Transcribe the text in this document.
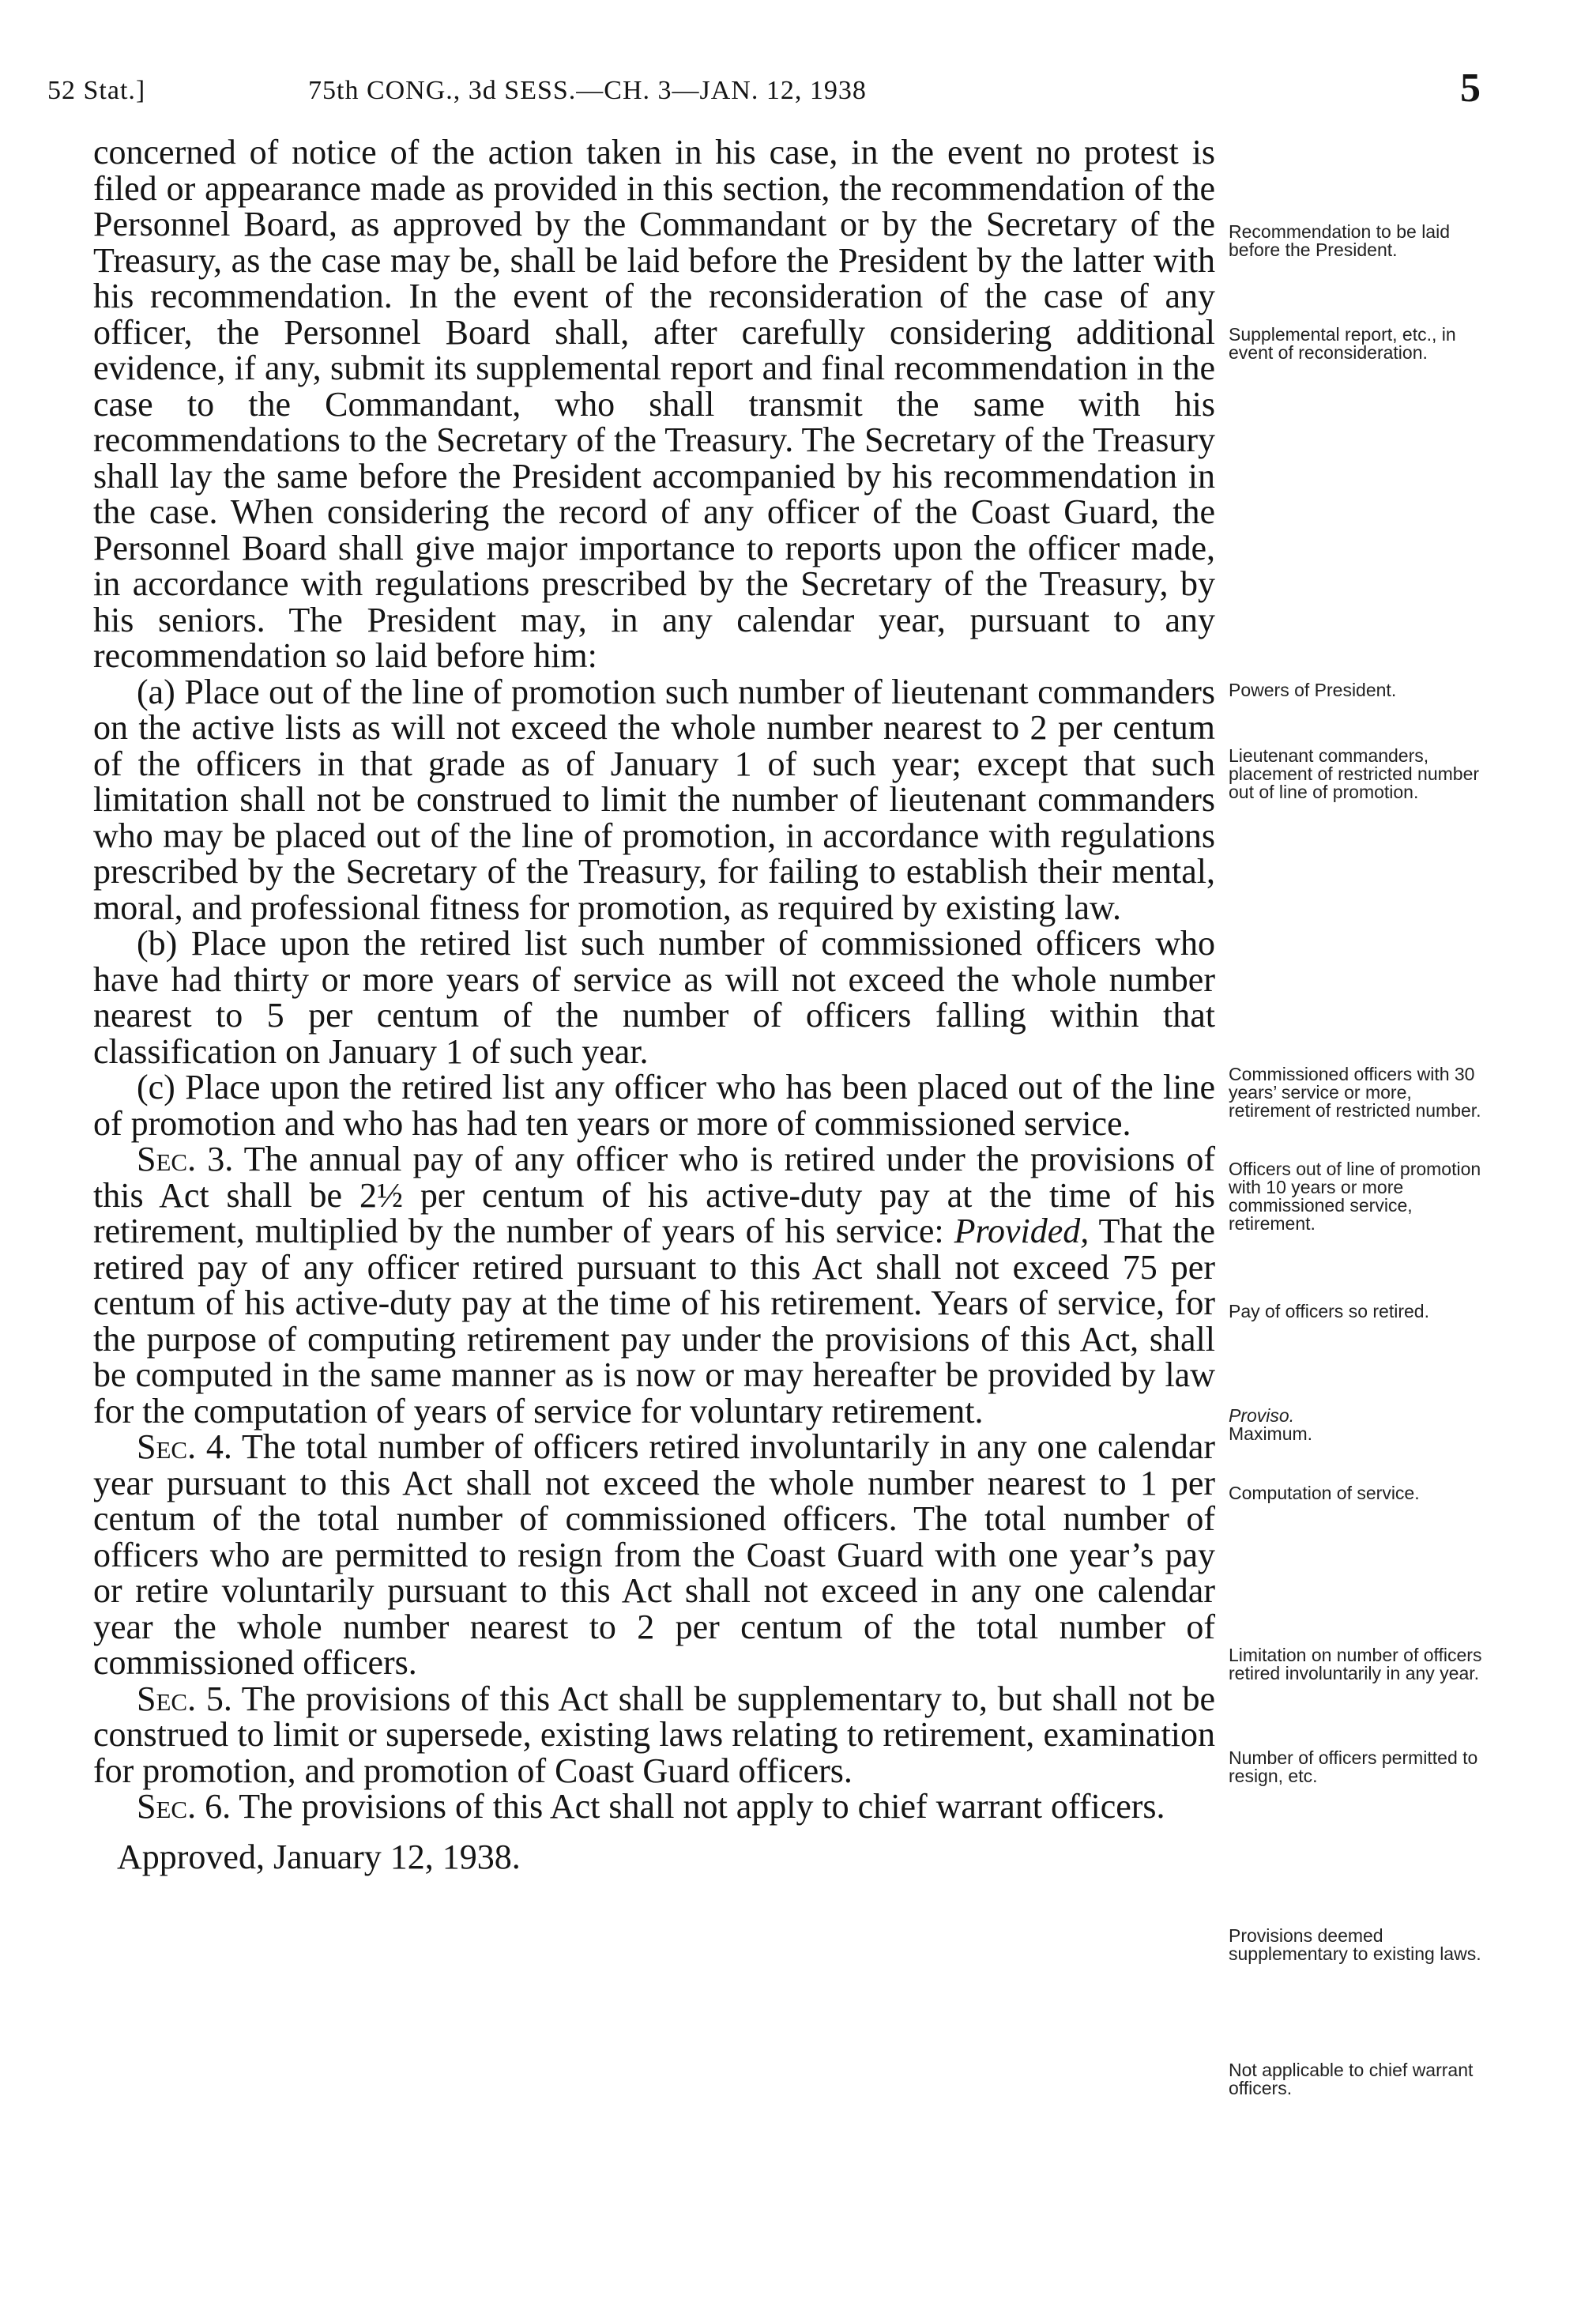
52 Stat.]	75th CONG., 3d SESS.—CH. 3—JAN. 12, 1938	5

concerned of notice of the action taken in his case, in the event no protest is filed or appearance made as provided in this section, the recommendation of the Personnel Board, as approved by the Commandant or by the Secretary of the Treasury, as the case may be, shall be laid before the President by the latter with his recommendation. In the event of the reconsideration of the case of any officer, the Personnel Board shall, after carefully considering additional evidence, if any, submit its supplemental report and final recommendation in the case to the Commandant, who shall transmit the same with his recommendations to the Secretary of the Treasury. The Secretary of the Treasury shall lay the same before the President accompanied by his recommendation in the case. When considering the record of any officer of the Coast Guard, the Personnel Board shall give major importance to reports upon the officer made, in accordance with regulations prescribed by the Secretary of the Treasury, by his seniors. The President may, in any calendar year, pursuant to any recommendation so laid before him:

(a) Place out of the line of promotion such number of lieutenant commanders on the active lists as will not exceed the whole number nearest to 2 per centum of the officers in that grade as of January 1 of such year; except that such limitation shall not be construed to limit the number of lieutenant commanders who may be placed out of the line of promotion, in accordance with regulations prescribed by the Secretary of the Treasury, for failing to establish their mental, moral, and professional fitness for promotion, as required by existing law.

(b) Place upon the retired list such number of commissioned officers who have had thirty or more years of service as will not exceed the whole number nearest to 5 per centum of the number of officers falling within that classification on January 1 of such year.

(c) Place upon the retired list any officer who has been placed out of the line of promotion and who has had ten years or more of commissioned service.

Sec. 3. The annual pay of any officer who is retired under the provisions of this Act shall be 2½ per centum of his active-duty pay at the time of his retirement, multiplied by the number of years of his service: Provided, That the retired pay of any officer retired pursuant to this Act shall not exceed 75 per centum of his active-duty pay at the time of his retirement. Years of service, for the purpose of computing retirement pay under the provisions of this Act, shall be computed in the same manner as is now or may hereafter be provided by law for the computation of years of service for voluntary retirement.

Sec. 4. The total number of officers retired involuntarily in any one calendar year pursuant to this Act shall not exceed the whole number nearest to 1 per centum of the total number of commissioned officers. The total number of officers who are permitted to resign from the Coast Guard with one year’s pay or retire voluntarily pursuant to this Act shall not exceed in any one calendar year the whole number nearest to 2 per centum of the total number of commissioned officers.

Sec. 5. The provisions of this Act shall be supplementary to, but shall not be construed to limit or supersede, existing laws relating to retirement, examination for promotion, and promotion of Coast Guard officers.

Sec. 6. The provisions of this Act shall not apply to chief warrant officers.

Approved, January 12, 1938.

Recommendation to be laid before the President.
Supplemental report, etc., in event of reconsideration.
Powers of President.
Lieutenant commanders, placement of restricted number out of line of promotion.
Commissioned officers with 30 years’ service or more, retirement of restricted number.
Officers out of line of promotion with 10 years or more commissioned service, retirement.
Pay of officers so retired.
Proviso.
Maximum.
Computation of service.
Limitation on number of officers retired involuntarily in any year.
Number of officers permitted to resign, etc.
Provisions deemed supplementary to existing laws.
Not applicable to chief warrant officers.
